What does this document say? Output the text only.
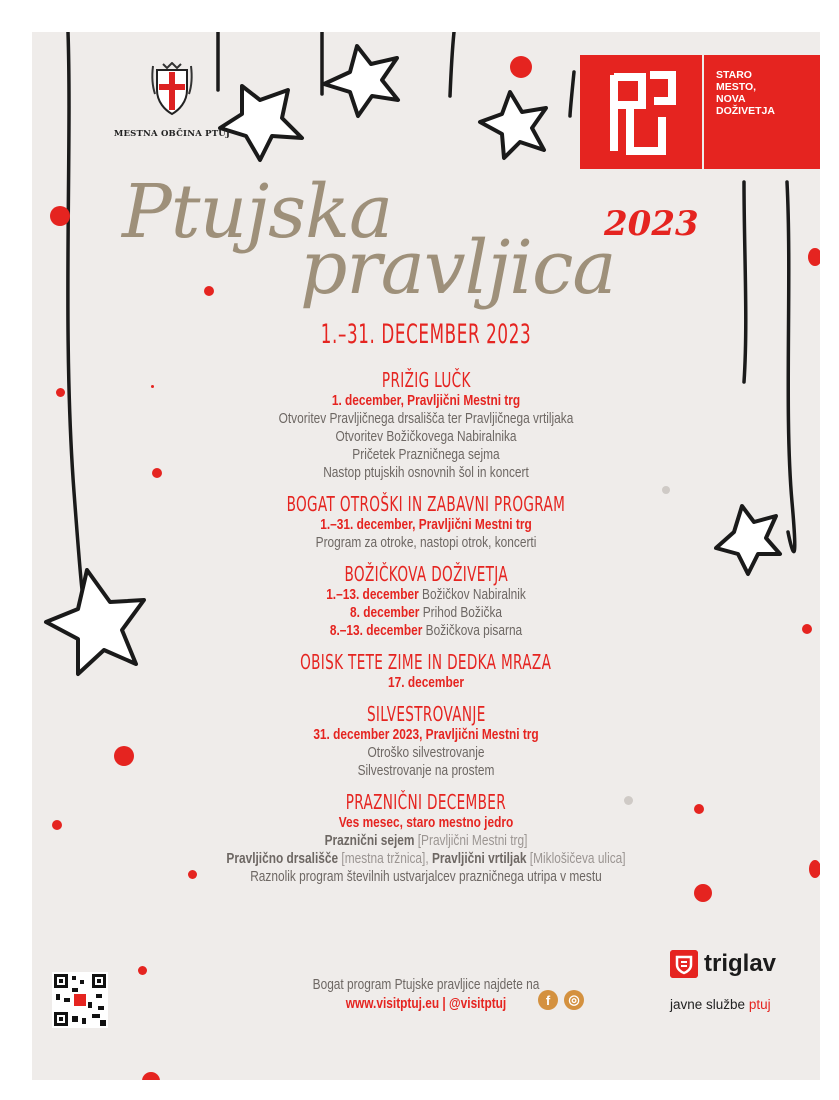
MESTNA OBČINA PTUJ
STARO
MESTO,
NOVA
DOŽIVETJA
Ptujska
pravljica
2023
1.–31. DECEMBER 2023
PRIŽIG LUČK
1. december, Pravljični Mestni trg
Otvoritev Pravljičnega drsališča ter Pravljičnega vrtiljaka
Otvoritev Božičkovega Nabiralnika
Pričetek Prazničnega sejma
Nastop ptujskih osnovnih šol in koncert
BOGAT OTROŠKI IN ZABAVNI PROGRAM
1.–31. december, Pravljični Mestni trg
Program za otroke, nastopi otrok, koncerti
BOŽIČKOVA DOŽIVETJA
1.–13. december Božičkov Nabiralnik
8. december Prihod Božička
8.–13. december Božičkova pisarna
OBISK TETE ZIME IN DEDKA MRAZA
17. december
SILVESTROVANJE
31. december 2023, Pravljični Mestni trg
Otroško silvestrovanje
Silvestrovanje na prostem
PRAZNIČNI DECEMBER
Ves mesec, staro mestno jedro
Praznični sejem [Pravljični Mestni trg]
Pravljično drsališče [mestna tržnica], Pravljični vrtiljak [Miklošičeva ulica]
Raznolik program številnih ustvarjalcev prazničnega utripa v mestu
Bogat program Ptujske pravljice najdete na
www.visitptuj.eu | @visitptuj	f	◎
triglav
javne službe ptuj
